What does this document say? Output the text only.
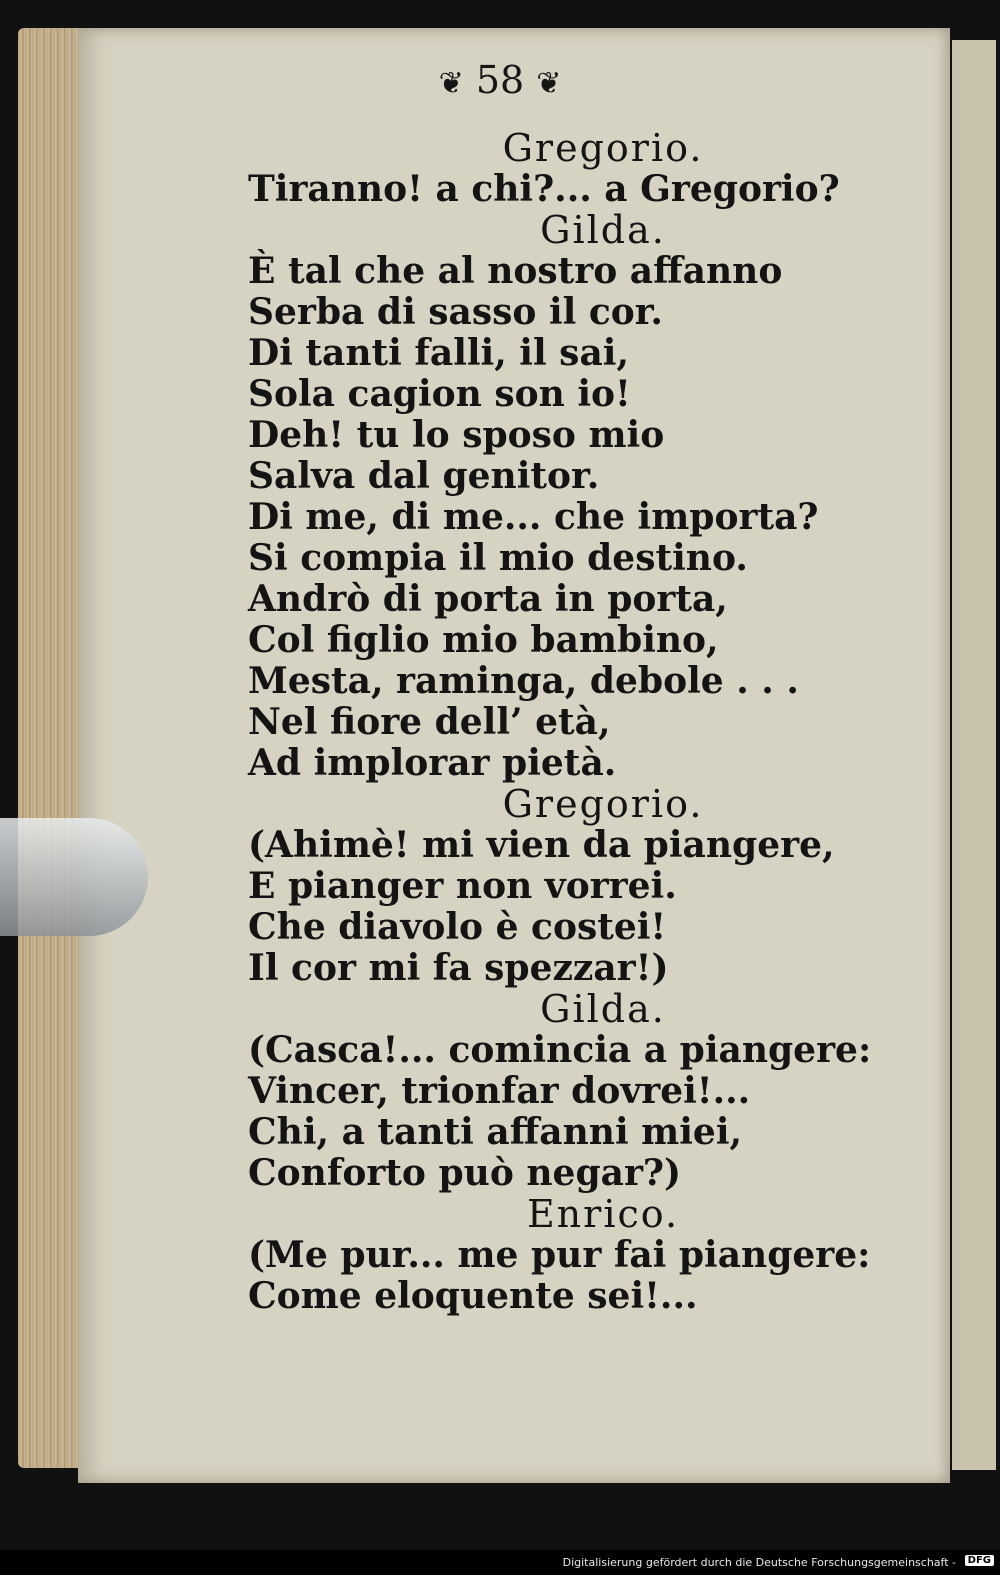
❦ 58 ❦
Gregorio.
Tiranno! a chi?... a Gregorio?
Gilda.
È tal che al nostro affanno
Serba di sasso il cor.
Di tanti falli, il sai,
Sola cagion son io!
Deh! tu lo sposo mio
Salva dal genitor.
Di me, di me... che importa?
Si compia il mio destino.
Andrò di porta in porta,
Col figlio mio bambino,
Mesta, raminga, debole . . .
Nel fiore dell’ età,
Ad implorar pietà.
Gregorio.
(Ahimè! mi vien da piangere,
E pianger non vorrei.
Che diavolo è costei!
Il cor mi fa spezzar!)
Gilda.
(Casca!... comincia a piangere:
Vincer, trionfar dovrei!...
Chi, a tanti affanni miei,
Conforto può negar?)
Enrico.
(Me pur... me pur fai piangere:
Come eloquente sei!...
Digitalisierung gefördert durch die Deutsche Forschungsgemeinschaft -	DFG
